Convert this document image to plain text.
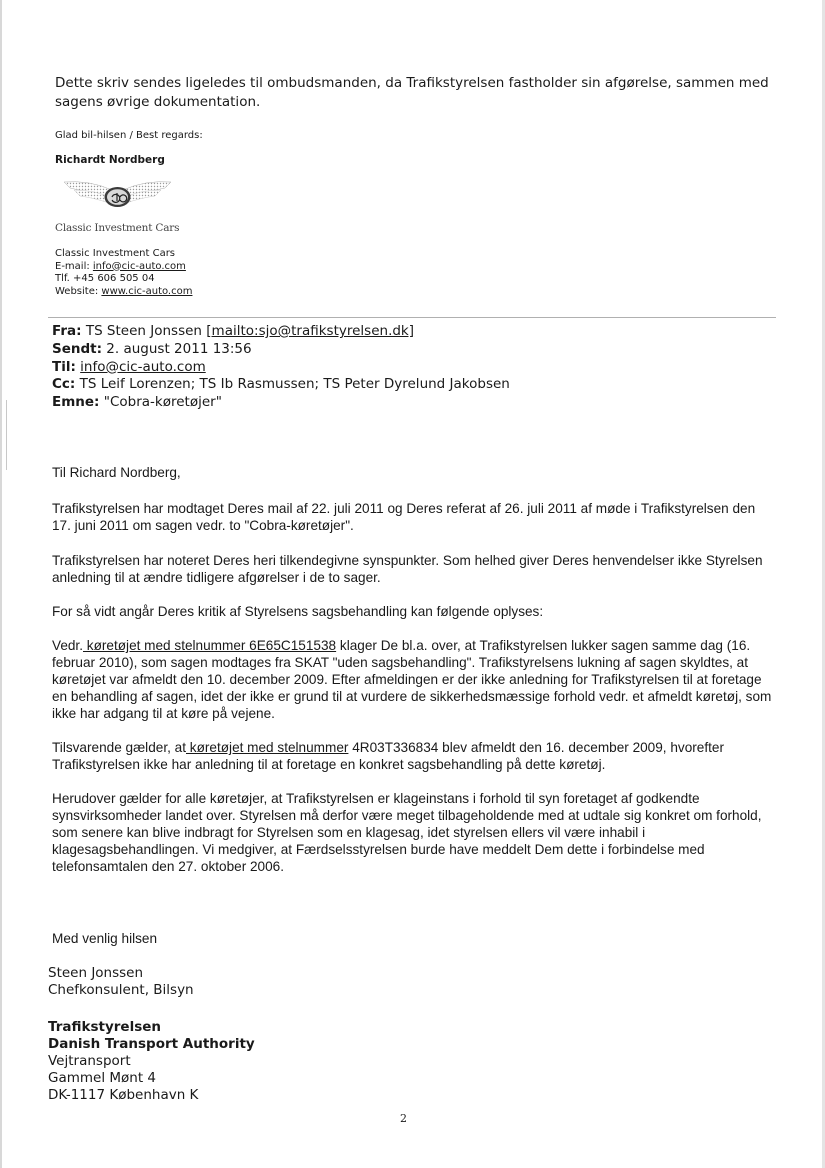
Dette skriv sendes ligeledes til ombudsmanden, da Trafikstyrelsen fastholder sin afgørelse, sammen med sagens øvrige dokumentation.
Glad bil-hilsen / Best regards:
Richardt Nordberg
Classic Investment Cars
Classic Investment Cars
E-mail: info@cic-auto.com
Tlf. +45 606 505 04
Website: www.cic-auto.com
Fra: TS Steen Jonssen [mailto:sjo@trafikstyrelsen.dk]
Sendt: 2. august 2011 13:56
Til: info@cic-auto.com
Cc: TS Leif Lorenzen; TS Ib Rasmussen; TS Peter Dyrelund Jakobsen
Emne: "Cobra-køretøjer"
Til Richard Nordberg,
Trafikstyrelsen har modtaget Deres mail af 22. juli 2011 og Deres referat af 26. juli 2011 af møde i Trafikstyrelsen den 17. juni 2011 om sagen vedr. to "Cobra-køretøjer".
Trafikstyrelsen har noteret Deres heri tilkendegivne synspunkter. Som helhed giver Deres henvendelser ikke Styrelsen anledning til at ændre tidligere afgørelser i de to sager.
For så vidt angår Deres kritik af Styrelsens sagsbehandling kan følgende oplyses:
Vedr. køretøjet med stelnummer 6E65C151538 klager De bl.a. over, at Trafikstyrelsen lukker sagen samme dag (16. februar 2010), som sagen modtages fra SKAT "uden sagsbehandling". Trafikstyrelsens lukning af sagen skyldtes, at køretøjet var afmeldt den 10. december 2009. Efter afmeldingen er der ikke anledning for Trafikstyrelsen til at foretage en behandling af sagen, idet der ikke er grund til at vurdere de sikkerhedsmæssige forhold vedr. et afmeldt køretøj, som ikke har adgang til at køre på vejene.
Tilsvarende gælder, at køretøjet med stelnummer 4R03T336834 blev afmeldt den 16. december 2009, hvorefter Trafikstyrelsen ikke har anledning til at foretage en konkret sagsbehandling på dette køretøj.
Herudover gælder for alle køretøjer, at Trafikstyrelsen er klageinstans i forhold til syn foretaget af godkendte synsvirksomheder landet over. Styrelsen må derfor være meget tilbageholdende med at udtale sig konkret om forhold, som senere kan blive indbragt for Styrelsen som en klagesag, idet styrelsen ellers vil være inhabil i klagesagsbehandlingen. Vi medgiver, at Færdselsstyrelsen burde have meddelt Dem dette i forbindelse med telefonsamtalen den 27. oktober 2006.
Med venlig hilsen
Steen Jonssen
Chefkonsulent, Bilsyn
Trafikstyrelsen
Danish Transport Authority
Vejtransport
Gammel Mønt 4
DK-1117 København K
2
